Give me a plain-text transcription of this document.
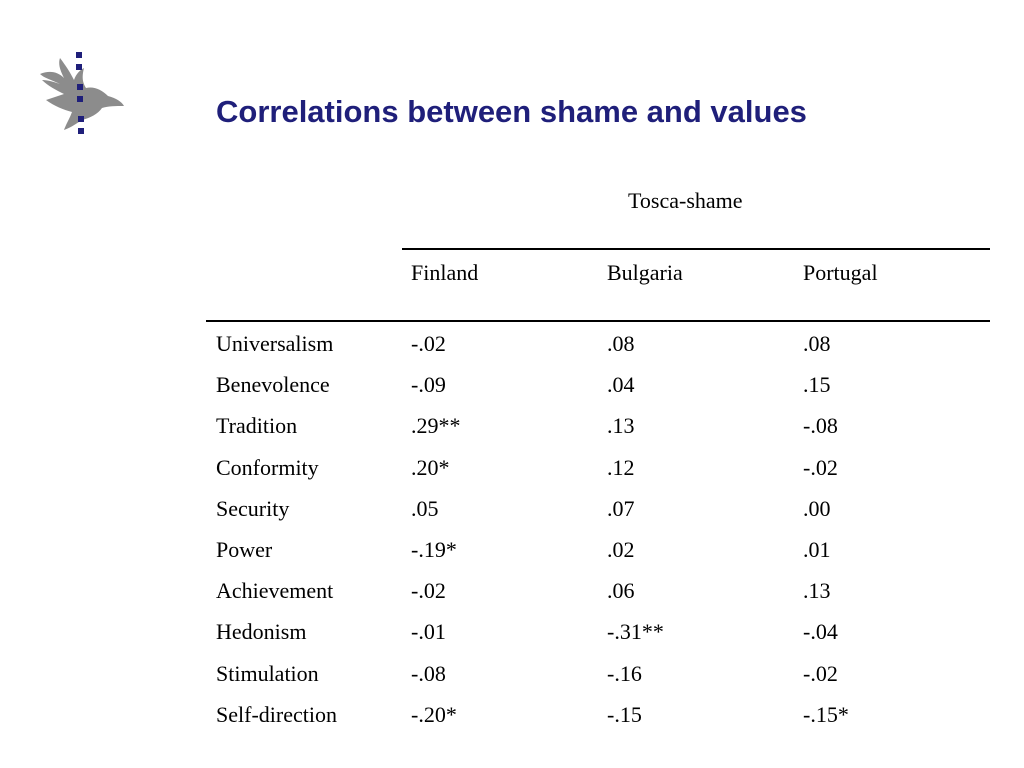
Correlations between shame and values
Tosca-shame
Finland	Bulgaria	Portugal
Universalism	-.02	.08	.08
Benevolence	-.09	.04	.15
Tradition	.29**	.13	-.08
Conformity	.20*	.12	-.02
Security	.05	.07	.00
Power	-.19*	.02	.01
Achievement	-.02	.06	.13
Hedonism	-.01	-.31**	-.04
Stimulation	-.08	-.16	-.02
Self-direction	-.20*	-.15	-.15*
